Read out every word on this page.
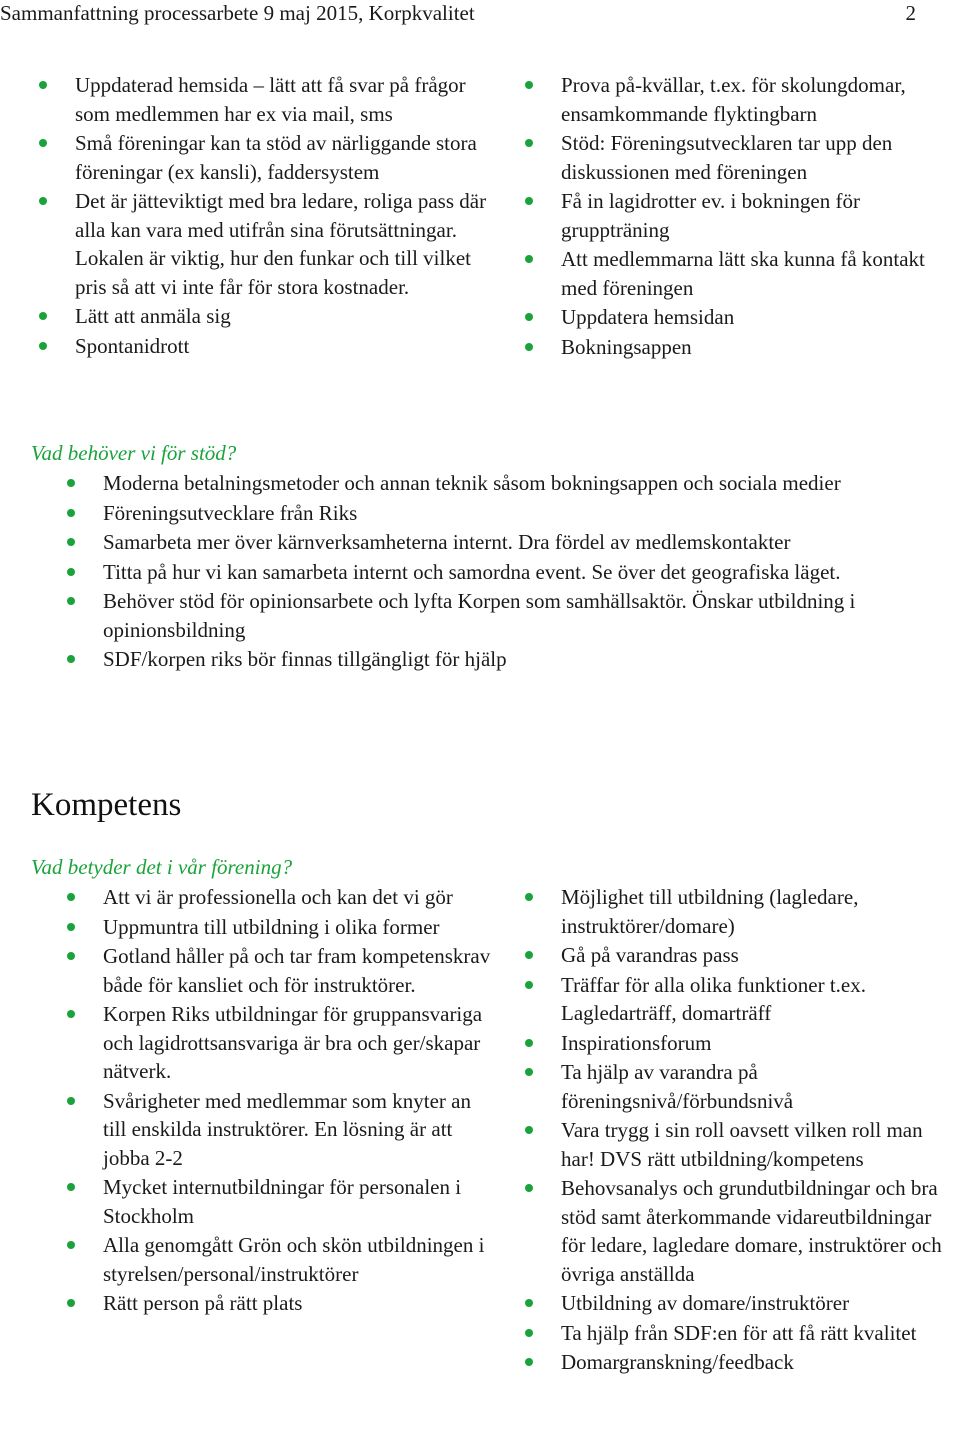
Sammanfattning processarbete 9 maj 2015, Korpkvalitet	2
Uppdaterad hemsida – lätt att få svar på frågor som medlemmen har ex via mail, sms
Små föreningar kan ta stöd av närliggande stora föreningar (ex kansli), faddersystem
Det är jätteviktigt med bra ledare, roliga pass där alla kan vara med utifrån sina förutsättningar. Lokalen är viktig, hur den funkar och till vilket pris så att vi inte får för stora kostnader.
Lätt att anmäla sig
Spontanidrott
Prova på-kvällar, t.ex. för skolungdomar, ensamkommande flyktingbarn
Stöd: Föreningsutvecklaren tar upp den diskussionen med föreningen
Få in lagidrotter ev. i bokningen för gruppträning
Att medlemmarna lätt ska kunna få kontakt med föreningen
Uppdatera hemsidan
Bokningsappen
Vad behöver vi för stöd?
Moderna betalningsmetoder och annan teknik såsom bokningsappen och sociala medier
Föreningsutvecklare från Riks
Samarbeta mer över kärnverksamheterna internt. Dra fördel av medlemskontakter
Titta på hur vi kan samarbeta internt och samordna event. Se över det geografiska läget.
Behöver stöd för opinionsarbete och lyfta Korpen som samhällsaktör. Önskar utbildning i opinionsbildning
SDF/korpen riks bör finnas tillgängligt för hjälp
Kompetens
Vad betyder det i vår förening?
Att vi är professionella och kan det vi gör
Uppmuntra till utbildning i olika former
Gotland håller på och tar fram kompetenskrav både för kansliet och för instruktörer.
Korpen Riks utbildningar för gruppansvariga och lagidrottsansvariga är bra och ger/skapar nätverk.
Svårigheter med medlemmar som knyter an till enskilda instruktörer. En lösning är att jobba 2-2
Mycket internutbildningar för personalen i Stockholm
Alla genomgått Grön och skön utbildningen i styrelsen/personal/instruktörer
Rätt person på rätt plats
Möjlighet till utbildning (lagledare, instruktörer/domare)
Gå på varandras pass
Träffar för alla olika funktioner t.ex. Lagledarträff, domarträff
Inspirationsforum
Ta hjälp av varandra på föreningsnivå/förbundsnivå
Vara trygg i sin roll oavsett vilken roll man har! DVS rätt utbildning/kompetens
Behovsanalys och grundutbildningar och bra stöd samt återkommande vidareutbildningar för ledare, lagledare domare, instruktörer och övriga anställda
Utbildning av domare/instruktörer
Ta hjälp från SDF:en för att få rätt kvalitet
Domargranskning/feedback
